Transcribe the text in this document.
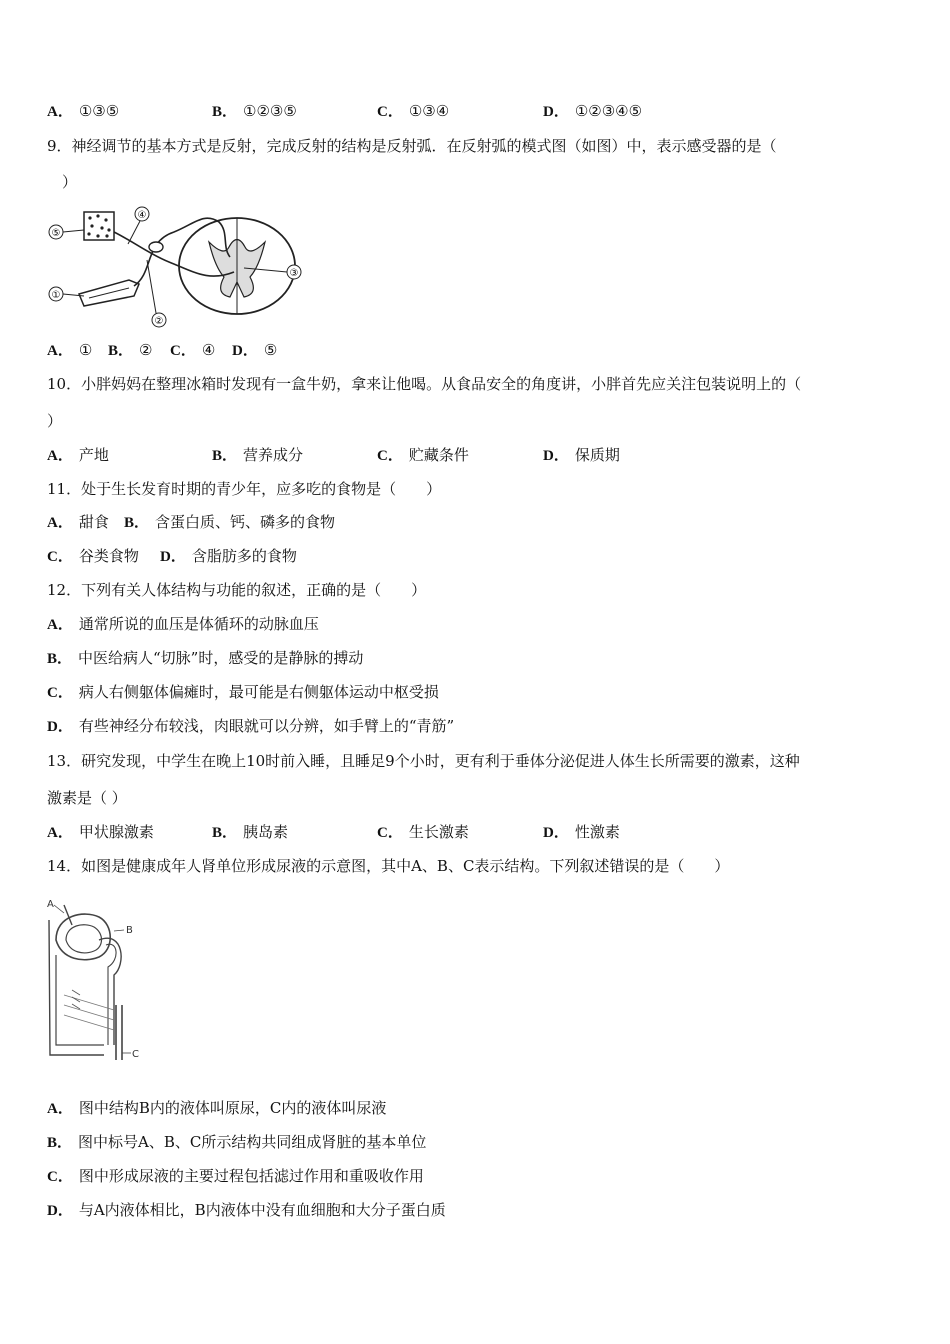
A． ①③⑤	B． ①②③⑤	C． ①③④	D． ①②③④⑤
9．神经调节的基本方式是反射，完成反射的结构是反射弧．在反射弧的模式图（如图）中，表示感受器的是（
）
⑤
④
③
①
②
A． ① B． ② C． ④ D． ⑤
10．小胖妈妈在整理冰箱时发现有一盒牛奶，拿来让他喝。从食品安全的角度讲，小胖首先应关注包装说明上的（
）
A． 产地	B． 营养成分	C． 贮藏条件	D． 保质期
11．处于生长发育时期的青少年，应多吃的食物是（　　）
A． 甜食 B． 含蛋白质、钙、磷多的食物
C． 谷类食物 D． 含脂肪多的食物
12．下列有关人体结构与功能的叙述，正确的是（　　）
A． 通常所说的血压是体循环的动脉血压
B． 中医给病人“切脉”时，感受的是静脉的搏动
C． 病人右侧躯体偏瘫时，最可能是右侧躯体运动中枢受损
D． 有些神经分布较浅，肉眼就可以分辨，如手臂上的“青筋”
13．研究发现，中学生在晚上10时前入睡，且睡足9个小时，更有利于垂体分泌促进人体生长所需要的激素，这种
激素是（ ）
A． 甲状腺激素	B． 胰岛素	C． 生长激素	D． 性激素
14．如图是健康成年人肾单位形成尿液的示意图，其中A、B、C表示结构。下列叙述错误的是（　　）
A
B
C
A． 图中结构B内的液体叫原尿，C内的液体叫尿液
B． 图中标号A、B、C所示结构共同组成肾脏的基本单位
C． 图中形成尿液的主要过程包括滤过作用和重吸收作用
D． 与A内液体相比，B内液体中没有血细胞和大分子蛋白质
